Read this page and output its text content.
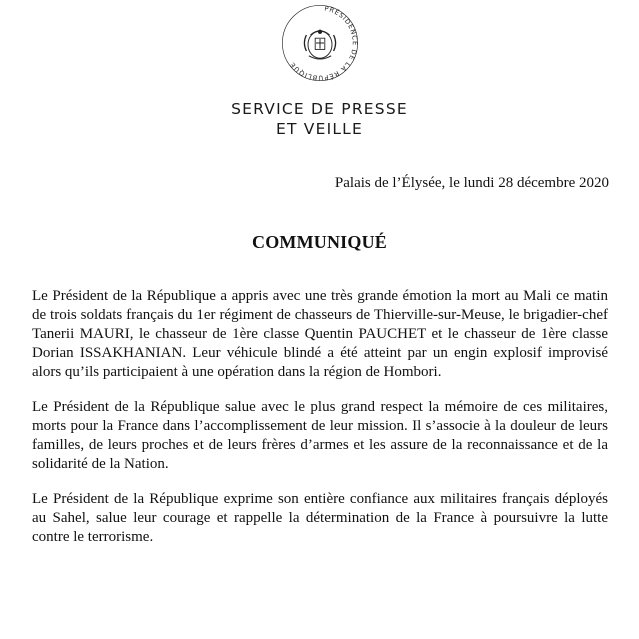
PRÉSIDENCE DE LA RÉPUBLIQUE
SERVICE DE PRESSE
ET VEILLE
Palais de l’Élysée, le lundi 28 décembre 2020
COMMUNIQUÉ

Le Président de la République a appris avec une très grande émotion la mort au Mali ce matin de trois soldats français du 1er régiment de chasseurs de Thierville-sur-Meuse, le brigadier-chef Tanerii MAURI, le chasseur de 1ère classe Quentin PAUCHET et le chasseur de 1ère classe Dorian ISSAKHANIAN. Leur véhicule blindé a été atteint par un engin explosif improvisé alors qu’ils participaient à une opération dans la région de Hombori.

Le Président de la République salue avec le plus grand respect la mémoire de ces militaires, morts pour la France dans l’accomplissement de leur mission. Il s’associe à la douleur de leurs familles, de leurs proches et de leurs frères d’armes et les assure de la reconnaissance et de la solidarité de la Nation.

Le Président de la République exprime son entière confiance aux militaires français déployés au Sahel, salue leur courage et rappelle la détermination de la France à poursuivre la lutte contre le terrorisme.
